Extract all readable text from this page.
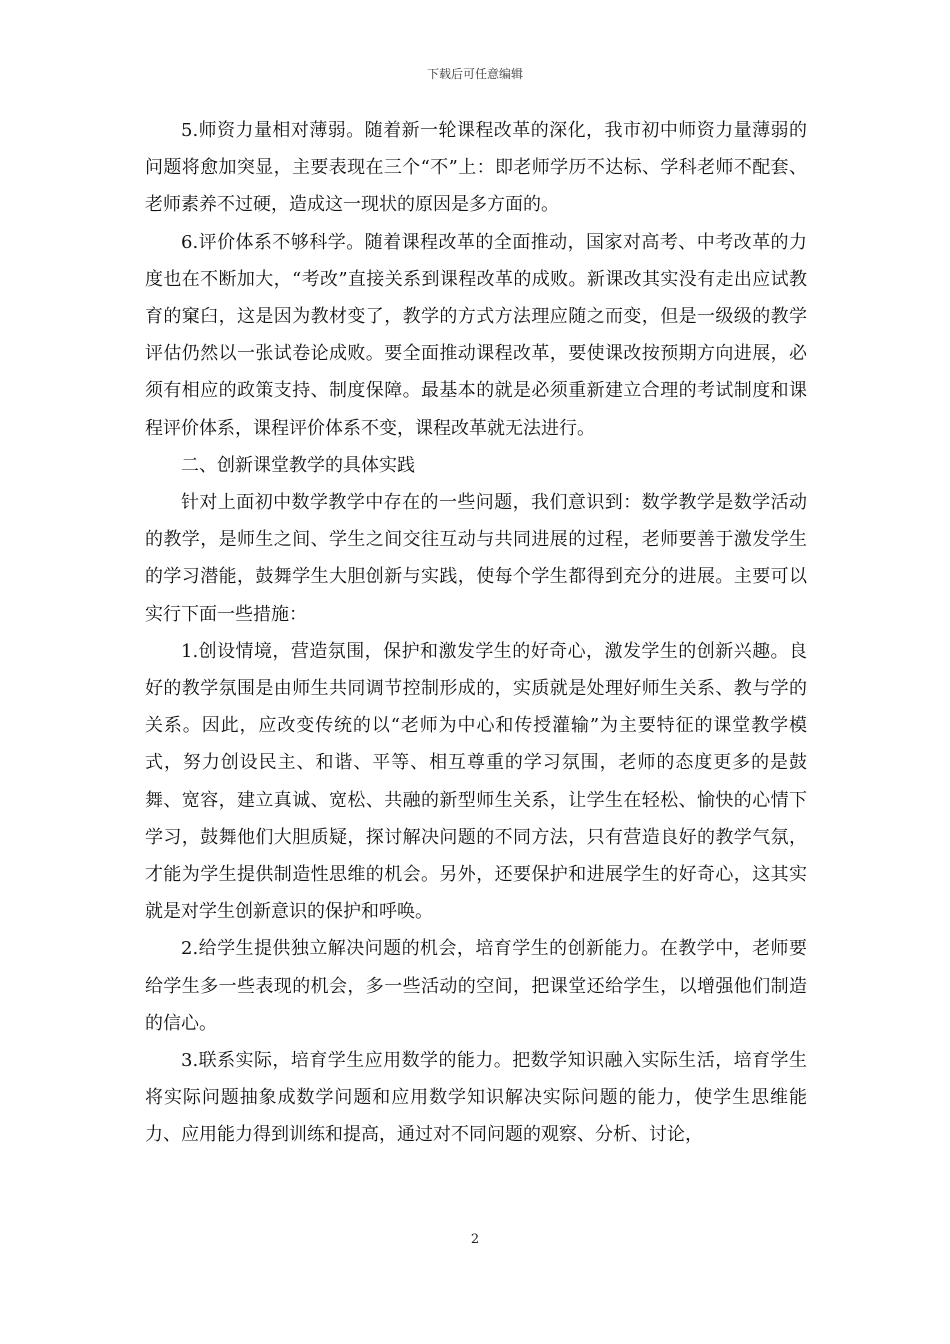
下载后可任意编辑

5.师资力量相对薄弱。随着新一轮课程改革的深化，我市初中师资力量薄弱的问题将愈加突显，主要表现在三个“不”上：即老师学历不达标、学科老师不配套、老师素养不过硬，造成这一现状的原因是多方面的。

6.评价体系不够科学。随着课程改革的全面推动，国家对高考、中考改革的力度也在不断加大，“考改”直接关系到课程改革的成败。新课改其实没有走出应试教育的窠臼，这是因为教材变了，教学的方式方法理应随之而变，但是一级级的教学评估仍然以一张试卷论成败。要全面推动课程改革，要使课改按预期方向进展，必须有相应的政策支持、制度保障。最基本的就是必须重新建立合理的考试制度和课程评价体系，课程评价体系不变，课程改革就无法进行。

二、创新课堂教学的具体实践

针对上面初中数学教学中存在的一些问题，我们意识到：数学教学是数学活动的教学，是师生之间、学生之间交往互动与共同进展的过程，老师要善于激发学生的学习潜能，鼓舞学生大胆创新与实践，使每个学生都得到充分的进展。主要可以实行下面一些措施：

1.创设情境，营造氛围，保护和激发学生的好奇心，激发学生的创新兴趣。良好的教学氛围是由师生共同调节控制形成的，实质就是处理好师生关系、教与学的关系。因此，应改变传统的以“老师为中心和传授灌输”为主要特征的课堂教学模式，努力创设民主、和谐、平等、相互尊重的学习氛围，老师的态度更多的是鼓舞、宽容，建立真诚、宽松、共融的新型师生关系，让学生在轻松、愉快的心情下学习，鼓舞他们大胆质疑，探讨解决问题的不同方法，只有营造良好的教学气氛，才能为学生提供制造性思维的机会。另外，还要保护和进展学生的好奇心，这其实就是对学生创新意识的保护和呼唤。

2.给学生提供独立解决问题的机会，培育学生的创新能力。在教学中，老师要给学生多一些表现的机会，多一些活动的空间，把课堂还给学生，以增强他们制造的信心。

3.联系实际，培育学生应用数学的能力。把数学知识融入实际生活，培育学生将实际问题抽象成数学问题和应用数学知识解决实际问题的能力，使学生思维能力、应用能力得到训练和提高，通过对不同问题的观察、分析、讨论，

2
